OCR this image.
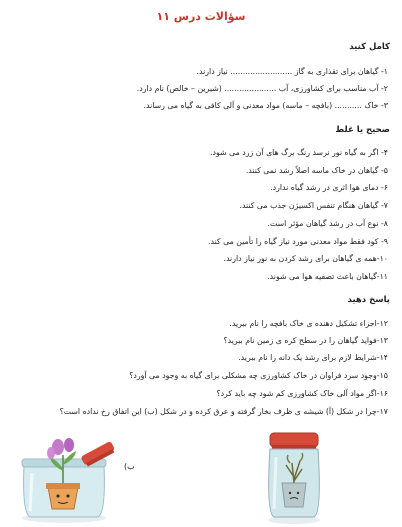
سؤالات درس ۱۱
کامل کنید
۱- گیاهان برای تقذاری به گاز ......................... نیاز دارند.
۲- آب مناسب برای کشاورزی، آب ..................... (شیرین – خالص) نام دارد.
۳- خاک ........... (بافچه – ماسه) مواد معدنی و آلی کافی به گیاه می رساند.
صحیح یا غلط
۴- اگر به گیاه نور نرسد رنگ برگ های آن زرد می شود.
۵- گیاهان در خاک ماسه اصلاً رشد نمی کنند.
۶- دمای هوا اثری در رشد گیاه ندارد.
۷- گیاهان هنگام تنفس اکسیژن جذب می کنند.
۸- نوع آب در رشد گیاهان مؤثر است.
۹- کود فقط مواد معدنی مورد نیاز گیاه را تأمین می کند.
۱۰-همه ی گیاهان برای رشد کردن به نور نیاز دارند.
۱۱-گیاهان باعث تصفیه هوا می شوند.
پاسخ دهید
۱۲-اجزاء تشکیل دهنده ی خاک بافچه را نام ببرید.
۱۳-فواید گیاهان را در سطح کره ی زمین نام ببرید؟
۱۴-شرایط لازم برای رشد یک دانه را نام ببرید.
۱۵-وجود سرد فراوان در خاک کشاورزی چه مشکلی برای گیاه به وجود می آورد؟
۱۶-اگر مواد آلی خاک کشاورزی کم شود چه باید کرد؟
۱۷-چرا در شکل (آ) شیشه ی ظرف بخار گرفته و عرق کرده و در شکل (ب) این اتفاق رخ نداده است؟
ب)
